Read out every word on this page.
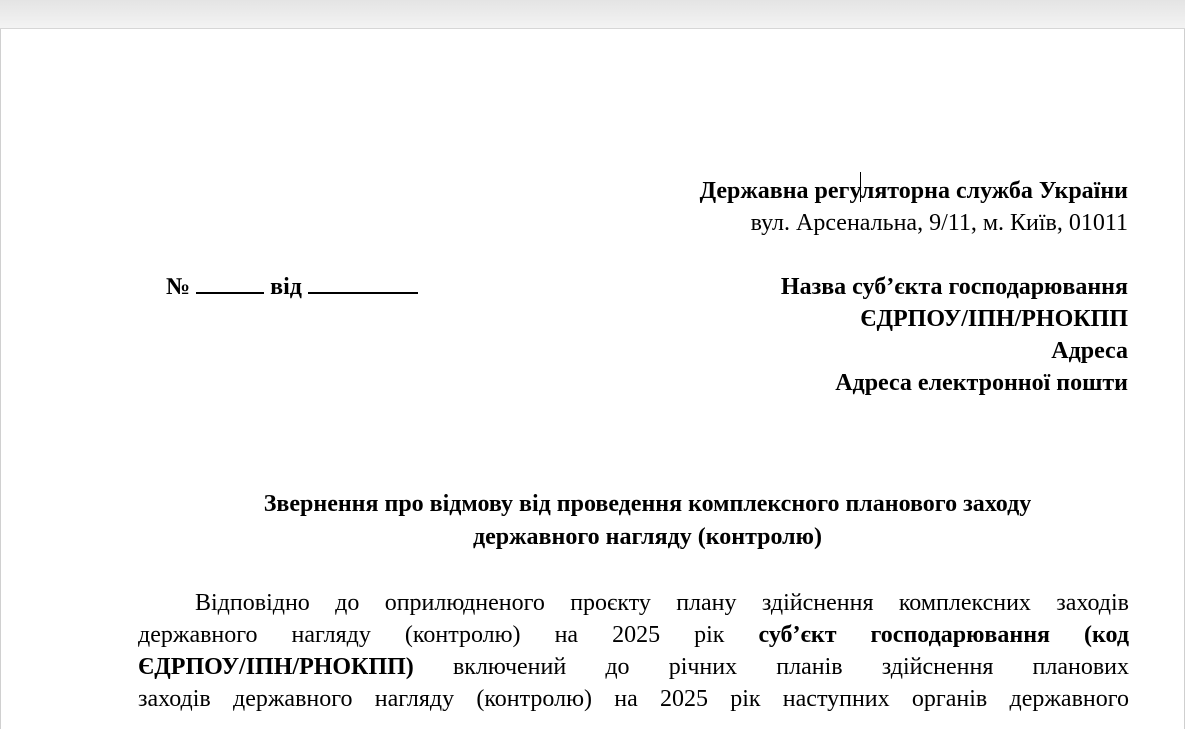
Державна регуляторна служба України
вул. Арсенальна, 9/11, м. Київ, 01011
№	від	Назва суб’єкта господарювання
ЄДРПОУ/ІПН/РНОКПП
Адреса
Адреса електронної пошти
Звернення про відмову від проведення комплексного планового заходу
державного нагляду (контролю)
Відповідно до оприлюдненого проєкту плану здійснення комплексних заходів
державного нагляду (контролю) на 2025 рік суб’єкт господарювання (код
ЄДРПОУ/ІПН/РНОКПП) включений до річних планів здійснення планових
заходів державного нагляду (контролю) на 2025 рік наступних органів державного
